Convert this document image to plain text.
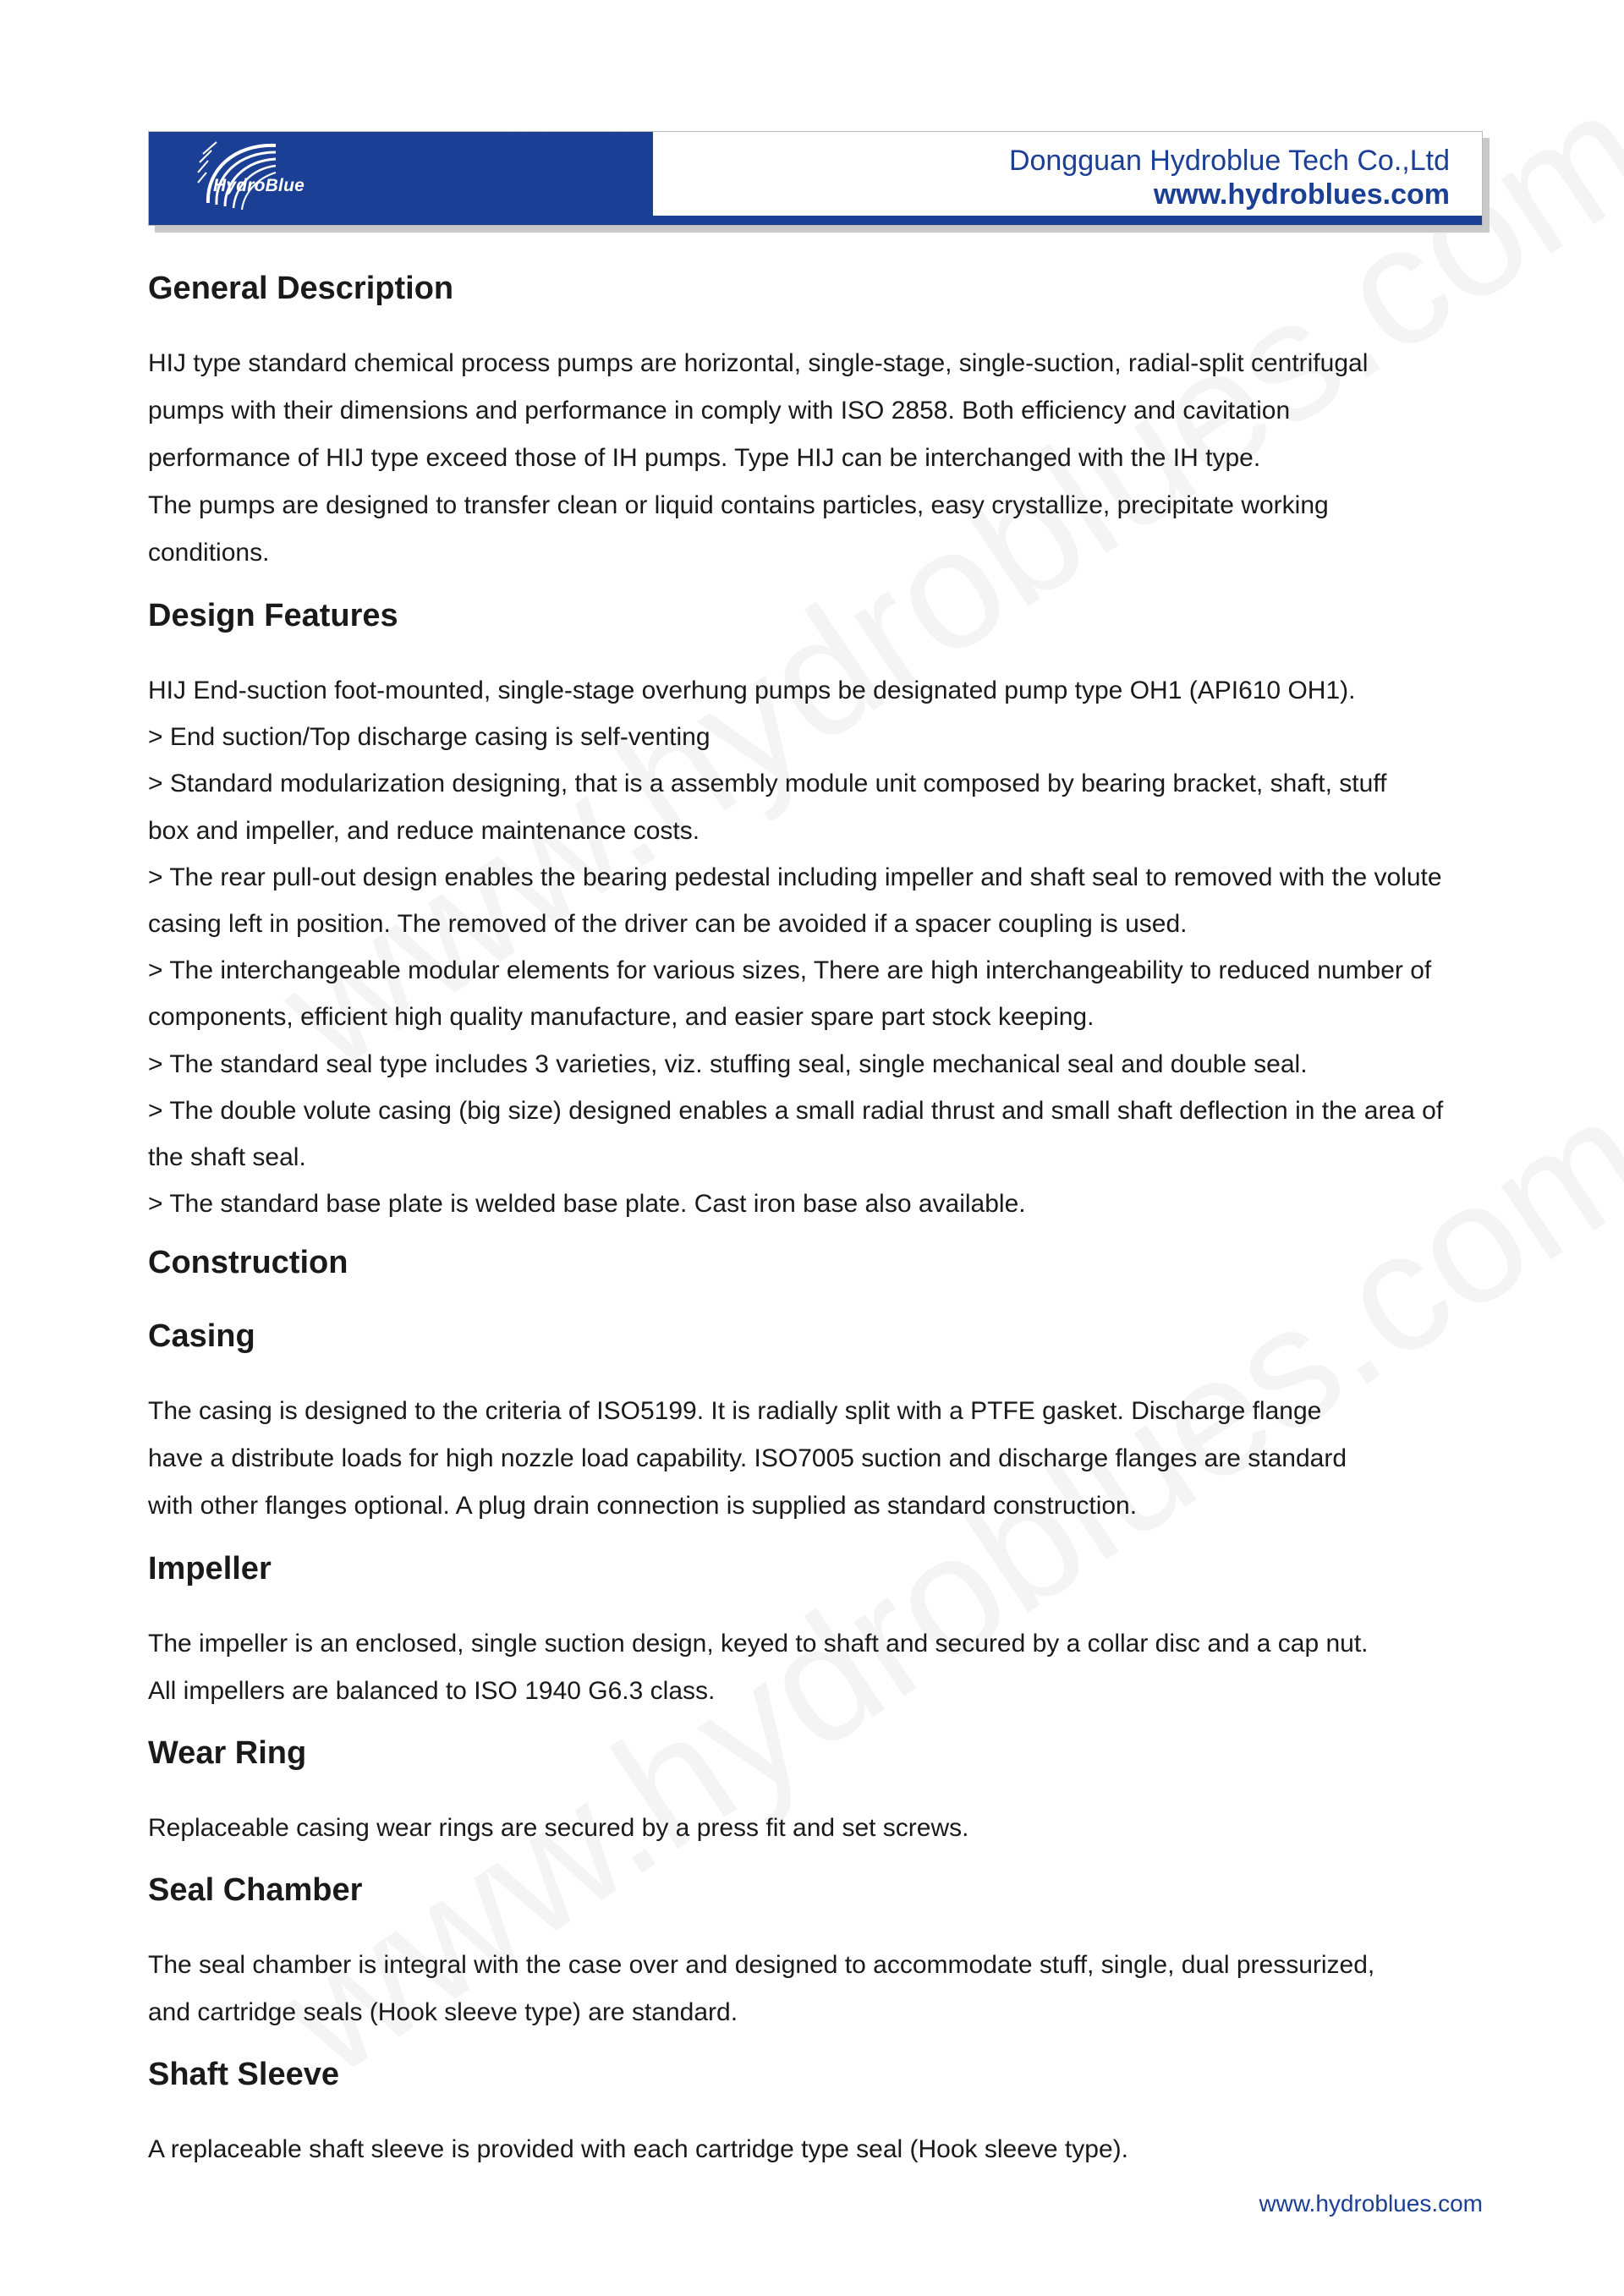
HydroBlue
Dongguan Hydroblue Tech Co.,Ltd
www.hydroblues.com
General Description
HIJ type standard chemical process pumps are horizontal, single-stage, single-suction, radial-split centrifugal
pumps with their dimensions and performance in comply with ISO 2858. Both efficiency and cavitation
performance of HIJ type exceed those of IH pumps. Type HIJ can be interchanged with the IH type.
The pumps are designed to transfer clean or liquid contains particles, easy crystallize, precipitate working
conditions.
Design Features
HIJ End-suction foot-mounted, single-stage overhung pumps be designated pump type OH1 (API610 OH1).
> End suction/Top discharge casing is self-venting
> Standard modularization designing, that is a assembly module unit composed by bearing bracket, shaft, stuff
box and impeller, and reduce maintenance costs.
> The rear pull-out design enables the bearing pedestal including impeller and shaft seal to removed with the volute
casing left in position. The removed of the driver can be avoided if a spacer coupling is used.
> The interchangeable modular elements for various sizes, There are high interchangeability to reduced number of
components, efficient high quality manufacture, and easier spare part stock keeping.
> The standard seal type includes 3 varieties, viz. stuffing seal, single mechanical seal and double seal.
> The double volute casing (big size) designed enables a small radial thrust and small shaft deflection in the area of
the shaft seal.
> The standard base plate is welded base plate. Cast iron base also available.
Construction
Casing
The casing is designed to the criteria of ISO5199. It is radially split with a PTFE gasket. Discharge flange
have a distribute loads for high nozzle load capability. ISO7005 suction and discharge flanges are standard
with other flanges optional. A plug drain connection is supplied as standard construction.
Impeller
The impeller is an enclosed, single suction design, keyed to shaft and secured by a collar disc and a cap nut.
All impellers are balanced to ISO 1940 G6.3 class.
Wear Ring
Replaceable casing wear rings are secured by a press fit and set screws.
Seal Chamber
The seal chamber is integral with the case over and designed to accommodate stuff, single, dual pressurized,
and cartridge seals (Hook sleeve type) are standard.
Shaft Sleeve
A replaceable shaft sleeve is provided with each cartridge type seal (Hook sleeve type).
www.hydroblues.com
